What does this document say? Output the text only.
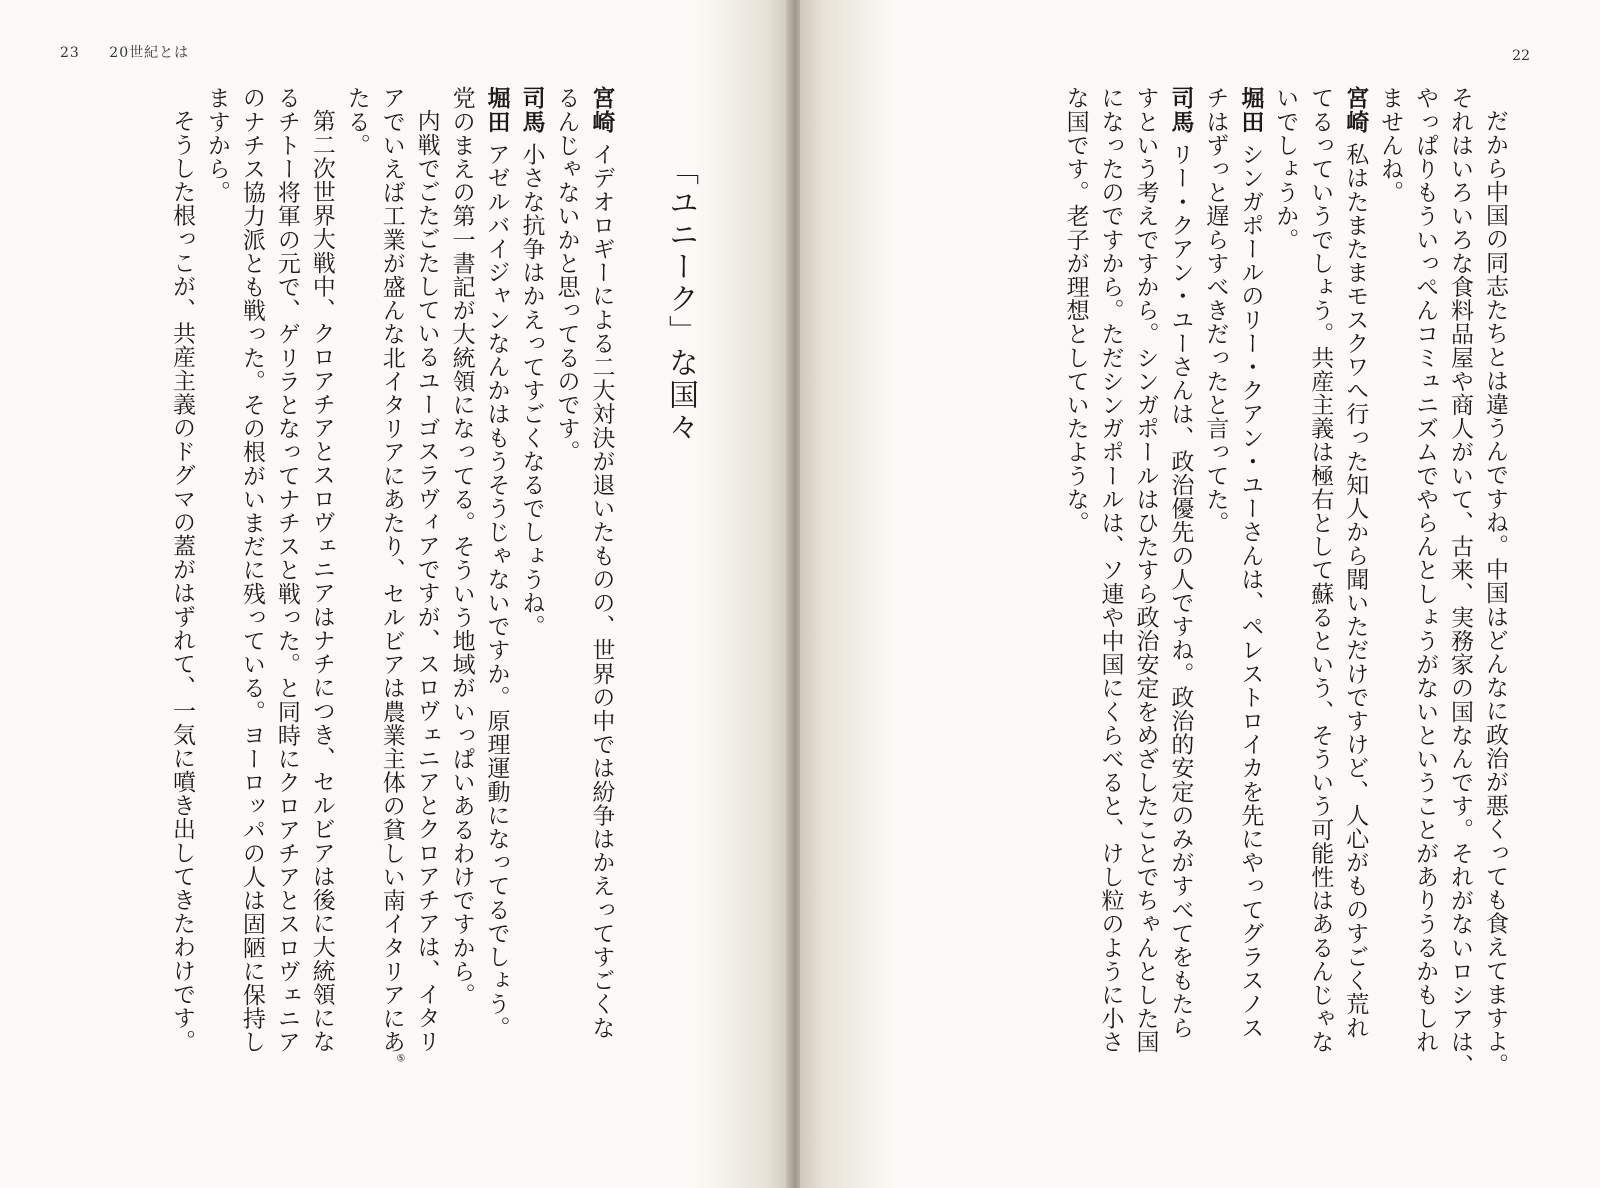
23 20世紀とは
「ユニーク」な国々
宮崎イデオロギーによる二大対決が退いたものの、世界の中では紛争はかえってすごくな
るんじゃないかと思ってるのです。
司馬小さな抗争はかえってすごくなるでしょうね。
堀田アゼルバイジャンなんかはもうそうじゃないですか。原理運動になってるでしょう。
党のまえの第一書記が大統領になってる。そういう地域がいっぱいあるわけですから。
内戦でごたごたしているユーゴスラヴィアですが、スロヴェニアとクロアチアは、イタリ
アでいえば工業が盛んな北イタリアにあたり、セルビアは農業主体の貧しい南イタリアにあ⑤
たる。
第二次世界大戦中、クロアチアとスロヴェニアはナチにつき、セルビアは後に大統領にな
るチトー将軍の元で、ゲリラとなってナチスと戦った。と同時にクロアチアとスロヴェニア
のナチス協力派とも戦った。その根がいまだに残っている。ヨーロッパの人は固陋に保持し
ますから。
そうした根っこが、共産主義のドグマの蓋がはずれて、一気に噴き出してきたわけです。
22
だから中国の同志たちとは違うんですね。中国はどんなに政治が悪くっても食えてますよ。
それはいろいろな食料品屋や商人がいて、古来、実務家の国なんです。それがないロシアは、
やっぱりもういっぺんコミュニズムでやらんとしょうがないということがありうるかもしれ
ませんね。
宮崎私はたまたまモスクワへ行った知人から聞いただけですけど、人心がものすごく荒れ
てるっていうでしょう。共産主義は極右として蘇るという、そういう可能性はあるんじゃな
いでしょうか。
堀田シンガポールのリー・クアン・ユーさんは、ペレストロイカを先にやってグラスノス
チはずっと遅らすべきだったと言ってた。
司馬リー・クアン・ユーさんは、政治優先の人ですね。政治的安定のみがすべてをもたら
すという考えですから。シンガポールはひたすら政治安定をめざしたことでちゃんとした国
になったのですから。ただシンガポールは、ソ連や中国にくらべると、けし粒のように小さ
な国です。老子が理想としていたような。
